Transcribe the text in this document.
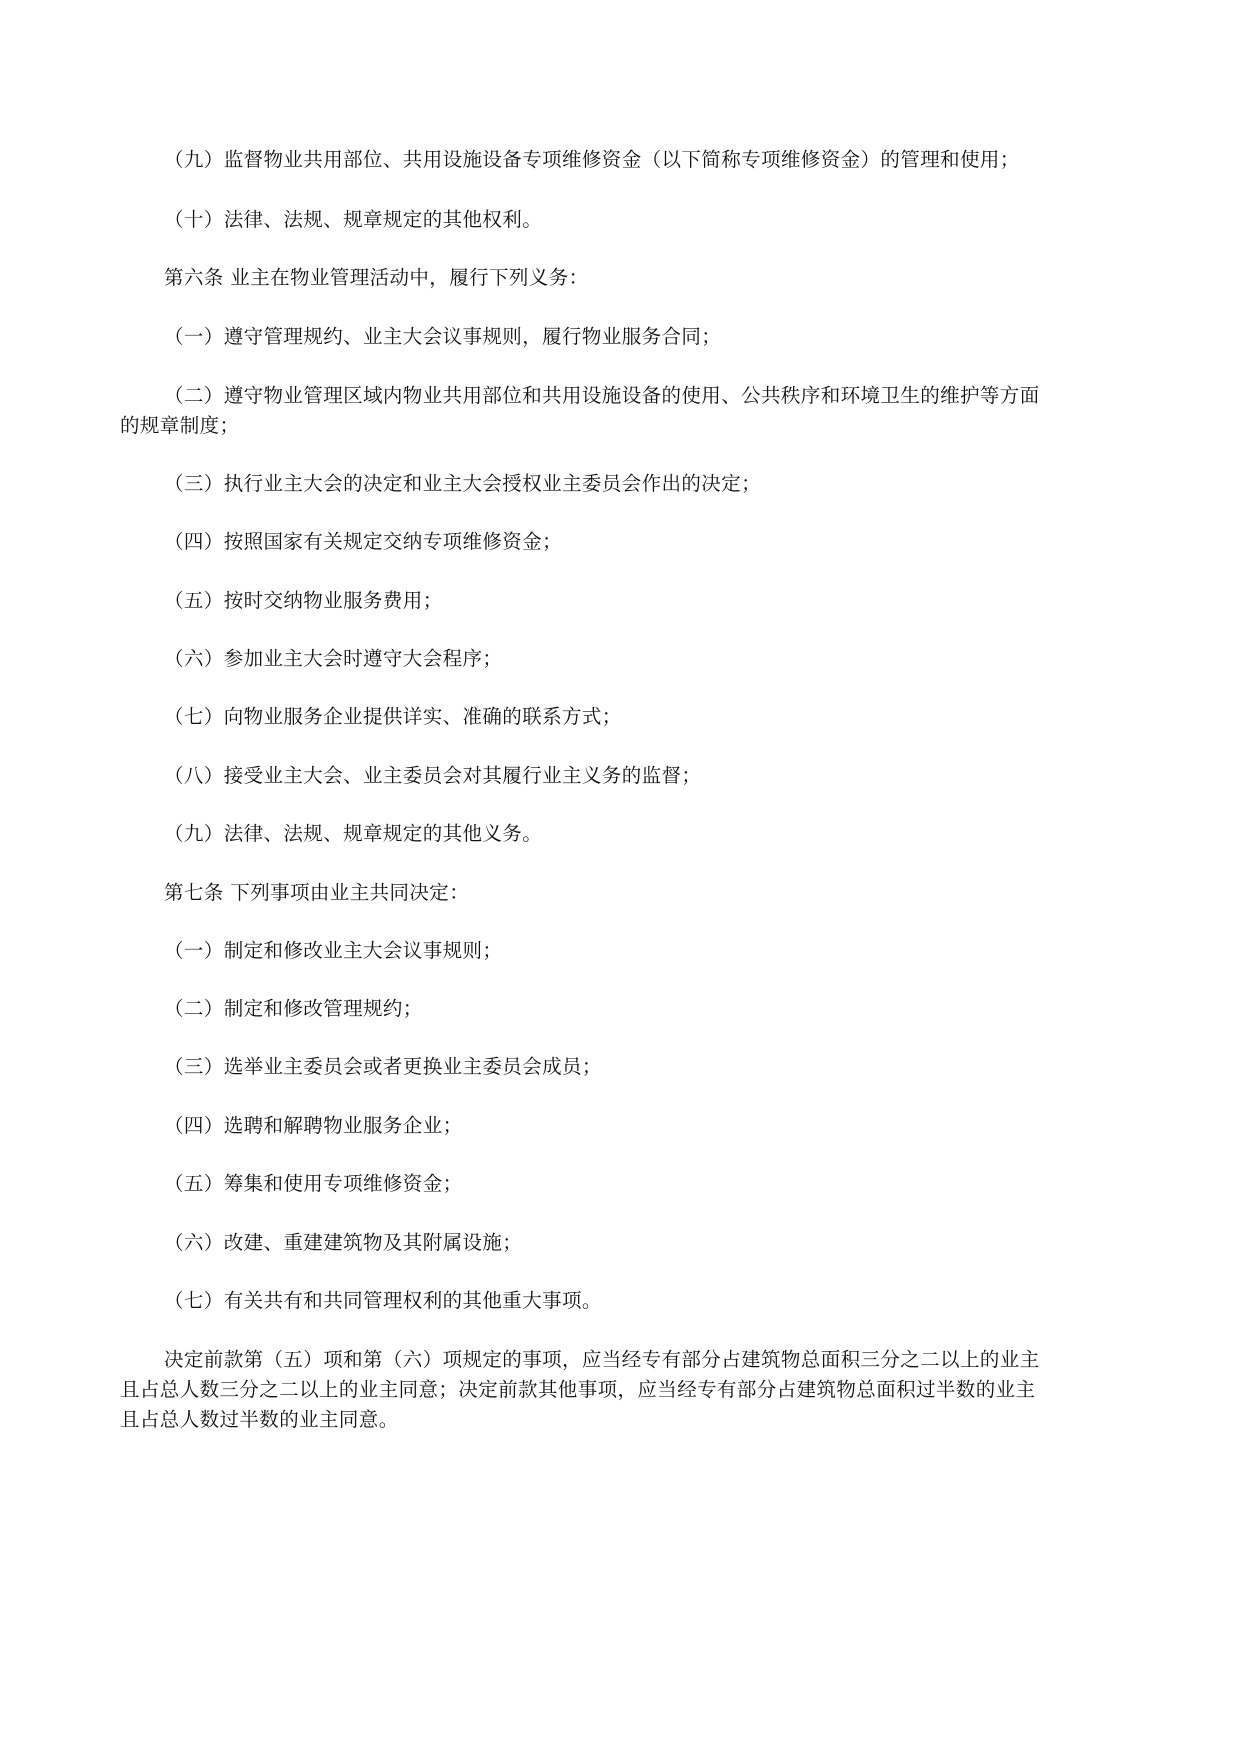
（九）监督物业共用部位、共用设施设备专项维修资金（以下简称专项维修资金）的管理和使用；
（十）法律、法规、规章规定的其他权利。
第六条 业主在物业管理活动中，履行下列义务：
（一）遵守管理规约、业主大会议事规则，履行物业服务合同；
（二）遵守物业管理区域内物业共用部位和共用设施设备的使用、公共秩序和环境卫生的维护等方面
的规章制度；
（三）执行业主大会的决定和业主大会授权业主委员会作出的决定；
（四）按照国家有关规定交纳专项维修资金；
（五）按时交纳物业服务费用；
（六）参加业主大会时遵守大会程序；
（七）向物业服务企业提供详实、准确的联系方式；
（八）接受业主大会、业主委员会对其履行业主义务的监督；
（九）法律、法规、规章规定的其他义务。
第七条 下列事项由业主共同决定：
（一）制定和修改业主大会议事规则；
（二）制定和修改管理规约；
（三）选举业主委员会或者更换业主委员会成员；
（四）选聘和解聘物业服务企业；
（五）筹集和使用专项维修资金；
（六）改建、重建建筑物及其附属设施；
（七）有关共有和共同管理权利的其他重大事项。
决定前款第（五）项和第（六）项规定的事项，应当经专有部分占建筑物总面积三分之二以上的业主
且占总人数三分之二以上的业主同意；决定前款其他事项，应当经专有部分占建筑物总面积过半数的业主
且占总人数过半数的业主同意。
